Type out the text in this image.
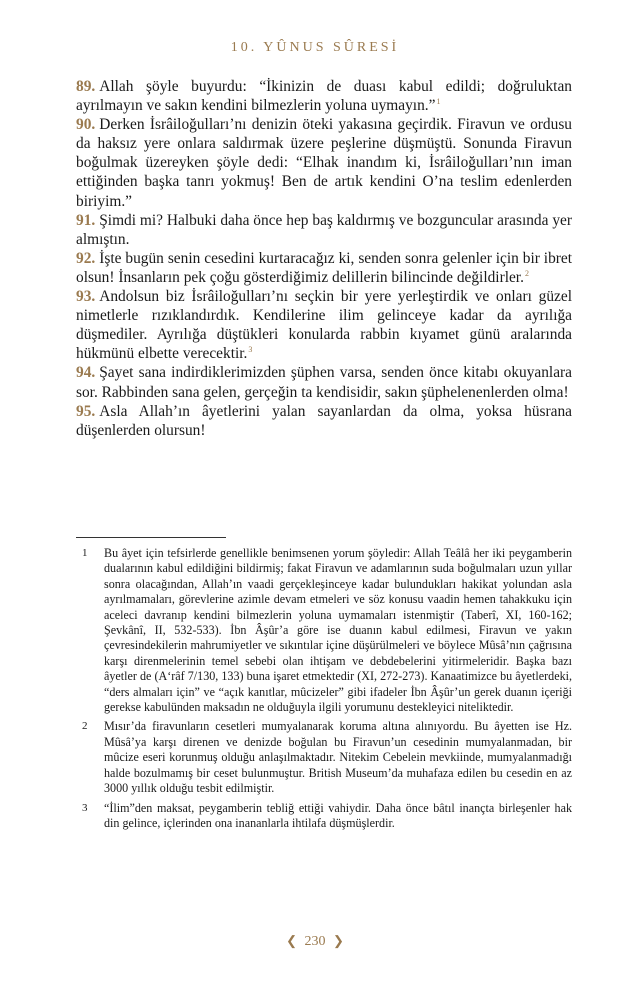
10. YÛNUS SÛRESİ

89. Allah şöyle buyurdu: “İkinizin de duası kabul edildi; doğruluktan ayrılmayın ve sakın kendini bilmezlerin yoluna uymayın.”$^1$

90. Derken İsrâiloğulları’nı denizin öteki yakasına geçirdik. Firavun ve ordusu da haksız yere onlara saldırmak üzere peşlerine düşmüştü. Sonunda Firavun boğulmak üzereyken şöyle dedi: “Elhak inandım ki, İsrâiloğulları’nın iman ettiğinden başka tanrı yokmuş! Ben de artık kendini O’na teslim edenlerden biriyim.”

91. Şimdi mi? Halbuki daha önce hep baş kaldırmış ve bozguncular arasında yer almıştın.

92. İşte bugün senin cesedini kurtaracağız ki, senden sonra gelenler için bir ibret olsun! İnsanların pek çoğu gösterdiğimiz delillerin bilincinde değildirler.$^2$

93. Andolsun biz İsrâiloğulları’nı seçkin bir yere yerleştirdik ve onları güzel nimetlerle rızıklandırdık. Kendilerine ilim gelinceye kadar da ayrılığa düşmediler. Ayrılığa düştükleri konularda rabbin kıyamet günü aralarında hükmünü elbette verecektir.$^3$

94. Şayet sana indirdiklerimizden şüphen varsa, senden önce kitabı okuyanlara sor. Rabbinden sana gelen, gerçeğin ta kendisidir, sakın şüphelenenlerden olma!

95. Asla Allah’ın âyetlerini yalan sayanlardan da olma, yoksa hüsrana düşenlerden olursun!

1	Bu âyet için tefsirlerde genellikle benimsenen yorum şöyledir: Allah Teâlâ her iki peygamberin dualarının kabul edildiğini bildirmiş; fakat Firavun ve adamlarının suda boğulmaları uzun yıllar sonra olacağından, Allah’ın vaadi gerçekleşinceye kadar bulundukları hakikat yolundan asla ayrılmamaları, görevlerine azimle devam etmeleri ve söz konusu vaadin hemen tahakkuku için aceleci davranıp kendini bilmezlerin yoluna uymamaları istenmiştir (Taberî, XI, 160-162; Şevkânî, II, 532-533). İbn Âşûr’a göre ise duanın kabul edilmesi, Firavun ve yakın çevresindekilerin mahrumiyetler ve sıkıntılar içine düşürülmeleri ve böylece Mûsâ’nın çağrısına karşı direnmelerinin temel sebebi olan ihtişam ve debdebelerini yitirmeleridir. Başka bazı âyetler de (A‘râf 7/130, 133) buna işaret etmektedir (XI, 272-273). Kanaatimizce bu âyetlerdeki, “ders almaları için” ve “açık kanıtlar, mûcizeler” gibi ifadeler İbn Âşûr’un gerek duanın içeriği gerekse kabulünden maksadın ne olduğuyla ilgili yorumunu destekleyici niteliktedir.
2	Mısır’da firavunların cesetleri mumyalanarak koruma altına alınıyordu. Bu âyetten ise Hz. Mûsâ’ya karşı direnen ve denizde boğulan bu Firavun’un cesedinin mumyalanmadan, bir mûcize eseri korunmuş olduğu anlaşılmaktadır. Nitekim Cebelein mevkiinde, mumyalanmadığı halde bozulmamış bir ceset bulunmuştur. British Museum’da muhafaza edilen bu cesedin en az 3000 yıllık olduğu tesbit edilmiştir.
3	“İlim”den maksat, peygamberin tebliğ ettiği vahiydir. Daha önce bâtıl inançta birleşenler hak din gelince, içlerinden ona inananlarla ihtilafa düşmüşlerdir.
❮ 230 ❯
